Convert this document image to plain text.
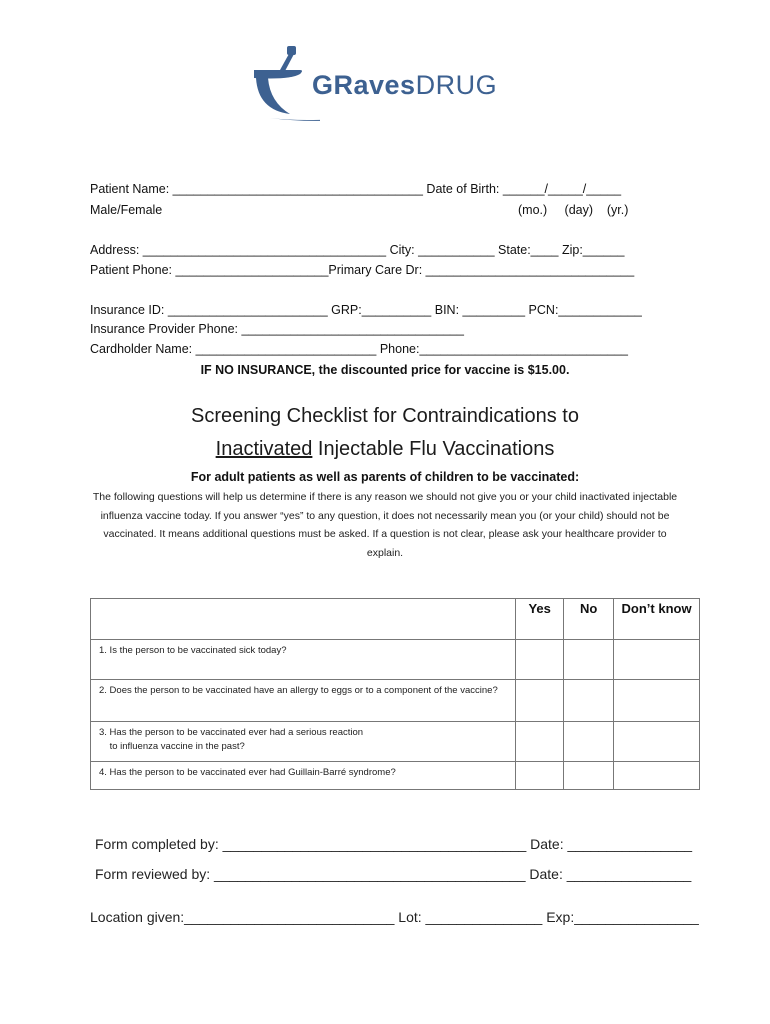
GRavesDRUG
Patient Name: ____________________________________ Date of Birth: ______/_____/_____
Male/Female	(mo.)     (day)    (yr.)
Address: ___________________________________ City: ___________ State:____ Zip:______
Patient Phone: ______________________Primary Care Dr: ______________________________
Insurance ID: _______________________ GRP:__________ BIN: _________ PCN:____________
Insurance Provider Phone: ________________________________
Cardholder Name: __________________________ Phone:______________________________
IF NO INSURANCE, the discounted price for vaccine is $15.00.
Screening Checklist for Contraindications to
Inactivated Injectable Flu Vaccinations
For adult patients as well as parents of children to be vaccinated:
The following questions will help us determine if there is any reason we should not give you or your child inactivated injectable influenza vaccine today. If you answer “yes” to any question, it does not necessarily mean you (or your child) should not be vaccinated. It means additional questions must be asked. If a question is not clear, please ask your healthcare provider to explain.
	Yes	No	Don’t know
1. Is the person to be vaccinated sick today?			
2. Does the person to be vaccinated have an allergy to eggs or to a component of the vaccine?			
3. Has the person to be vaccinated ever had a serious reaction
to influenza vaccine in the past?			
4. Has the person to be vaccinated ever had Guillain-Barré syndrome?			
Form completed by: _______________________________________ Date: ________________
Form reviewed by: ________________________________________ Date: ________________
Location given:___________________________ Lot: _______________ Exp:________________
